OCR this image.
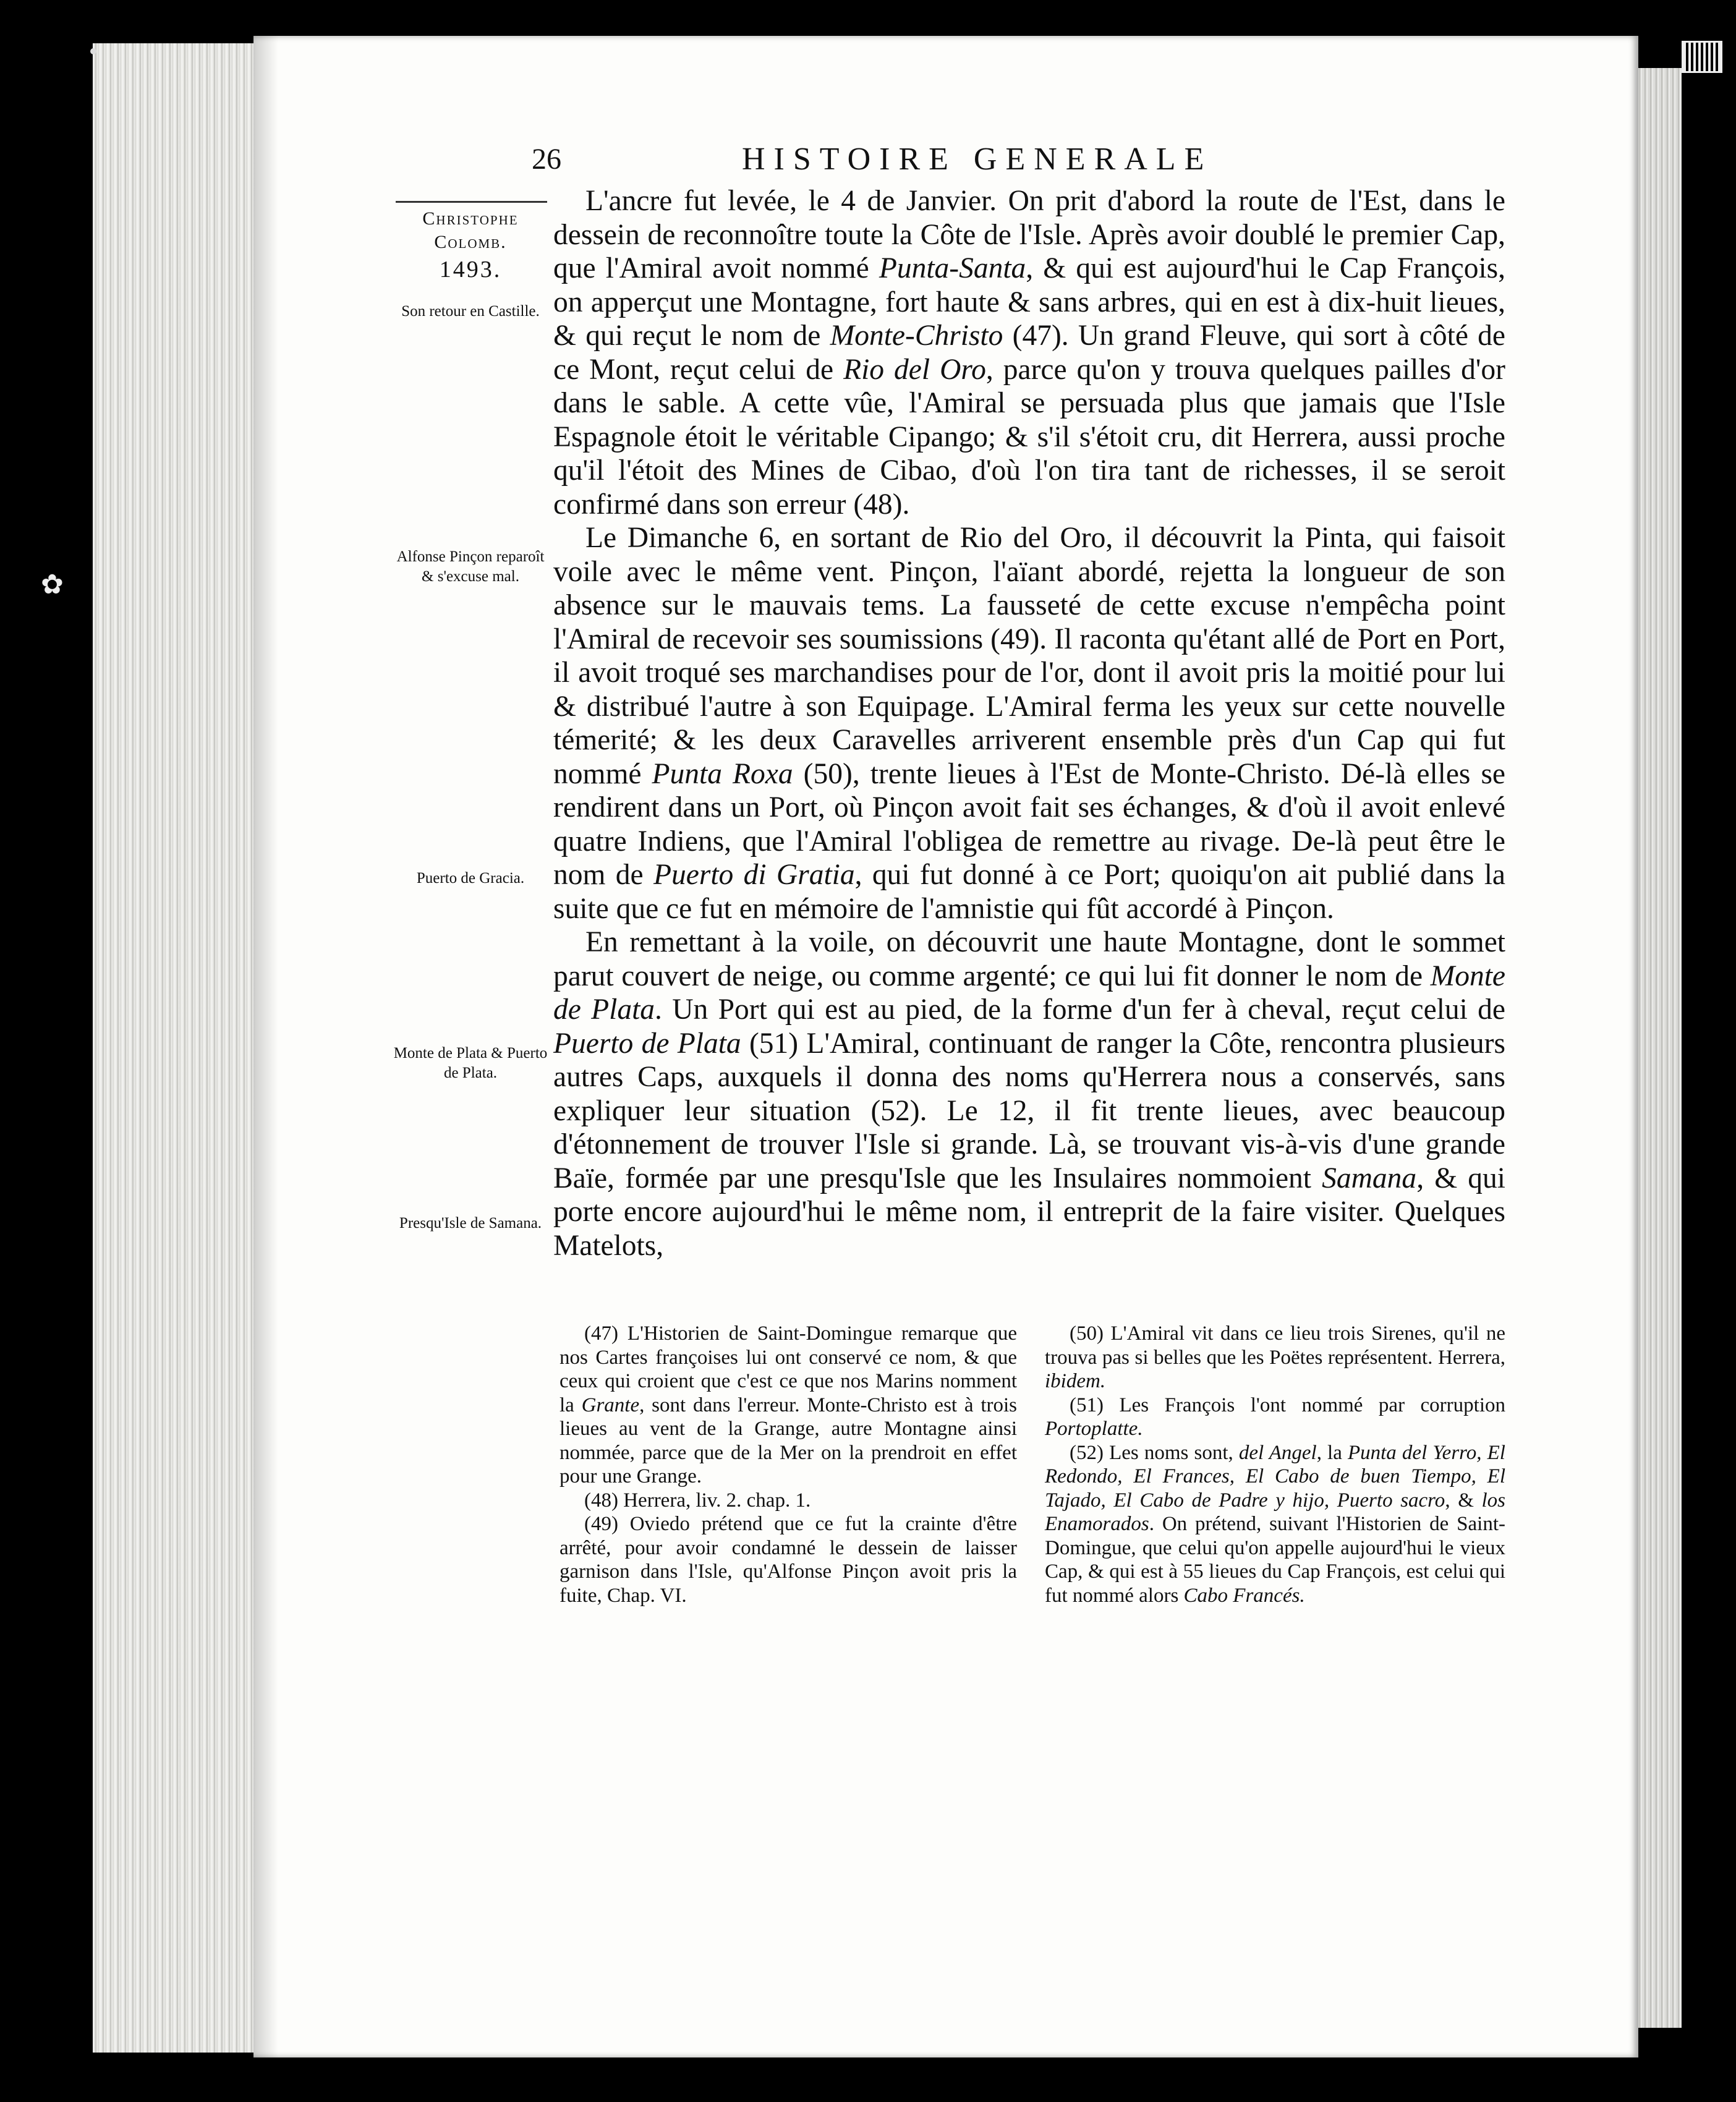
✿
26	HISTOIRE GENERALE
Christophe Colomb.
1493.
Son retour en Castille.
Alfonse Pinçon reparoît & s'excuse mal.
Puerto de Gracia.
Monte de Plata & Puerto de Plata.
Presqu'Isle de Samana.

L'ancre fut levée, le 4 de Janvier. On prit d'abord la route de l'Est, dans le dessein de reconnoître toute la Côte de l'Isle. Après avoir doublé le premier Cap, que l'Amiral avoit nommé Punta-Santa, & qui est aujourd'hui le Cap François, on apperçut une Montagne, fort haute & sans arbres, qui en est à dix-huit lieues, & qui reçut le nom de Monte-Christo (47). Un grand Fleuve, qui sort à côté de ce Mont, reçut celui de Rio del Oro, parce qu'on y trouva quelques pailles d'or dans le sable. A cette vûe, l'Amiral se persuada plus que jamais que l'Isle Espagnole étoit le véritable Cipango; & s'il s'étoit cru, dit Herrera, aussi proche qu'il l'étoit des Mines de Cibao, d'où l'on tira tant de richesses, il se seroit confirmé dans son erreur (48).

Le Dimanche 6, en sortant de Rio del Oro, il découvrit la Pinta, qui faisoit voile avec le même vent. Pinçon, l'aïant abordé, rejetta la longueur de son absence sur le mauvais tems. La fausseté de cette excuse n'empêcha point l'Amiral de recevoir ses soumissions (49). Il raconta qu'étant allé de Port en Port, il avoit troqué ses marchandises pour de l'or, dont il avoit pris la moitié pour lui & distribué l'autre à son Equipage. L'Amiral ferma les yeux sur cette nouvelle témerité; & les deux Caravelles arriverent ensemble près d'un Cap qui fut nommé Punta Roxa (50), trente lieues à l'Est de Monte-Christo. Dé-là elles se rendirent dans un Port, où Pinçon avoit fait ses échanges, & d'où il avoit enlevé quatre Indiens, que l'Amiral l'obligea de remettre au rivage. De-là peut être le nom de Puerto di Gratia, qui fut donné à ce Port; quoiqu'on ait publié dans la suite que ce fut en mémoire de l'amnistie qui fût accordé à Pinçon.

En remettant à la voile, on découvrit une haute Montagne, dont le sommet parut couvert de neige, ou comme argenté; ce qui lui fit donner le nom de Monte de Plata. Un Port qui est au pied, de la forme d'un fer à cheval, reçut celui de Puerto de Plata (51) L'Amiral, continuant de ranger la Côte, rencontra plusieurs autres Caps, auxquels il donna des noms qu'Herrera nous a conservés, sans expliquer leur situation (52). Le 12, il fit trente lieues, avec beaucoup d'étonnement de trouver l'Isle si grande. Là, se trouvant vis-à-vis d'une grande Baïe, formée par une presqu'Isle que les Insulaires nommoient Samana, & qui porte encore aujourd'hui le même nom, il entreprit de la faire visiter. Quelques Matelots,

(47) L'Historien de Saint-Domingue remarque que nos Cartes françoises lui ont conservé ce nom, & que ceux qui croient que c'est ce que nos Marins nomment la Grante, sont dans l'erreur. Monte-Christo est à trois lieues au vent de la Grange, autre Montagne ainsi nommée, parce que de la Mer on la prendroit en effet pour une Grange.

(48) Herrera, liv. 2. chap. 1.

(49) Oviedo prétend que ce fut la crainte d'être arrêté, pour avoir condamné le dessein de laisser garnison dans l'Isle, qu'Alfonse Pinçon avoit pris la fuite, Chap. VI.

(50) L'Amiral vit dans ce lieu trois Sirenes, qu'il ne trouva pas si belles que les Poëtes représentent. Herrera, ibidem.

(51) Les François l'ont nommé par corruption Portoplatte.

(52) Les noms sont, del Angel, la Punta del Yerro, El Redondo, El Frances, El Cabo de buen Tiempo, El Tajado, El Cabo de Padre y hijo, Puerto sacro, & los Enamorados. On prétend, suivant l'Historien de Saint-Domingue, que celui qu'on appelle aujourd'hui le vieux Cap, & qui est à 55 lieues du Cap François, est celui qui fut nommé alors Cabo Francés.
